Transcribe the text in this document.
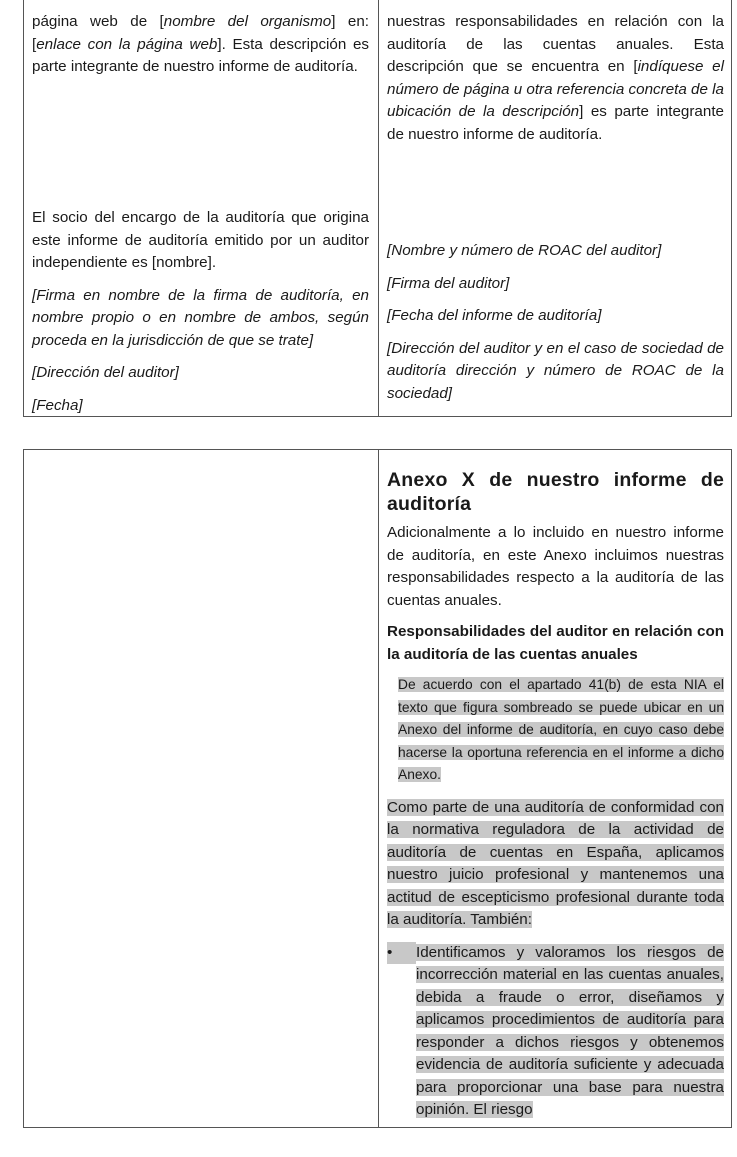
página web de [nombre del organismo] en: [enlace con la página web]. Esta descripción es parte integrante de nuestro informe de auditoría.

nuestras responsabilidades en relación con la auditoría de las cuentas anuales. Esta descripción que se encuentra en [indíquese el número de página u otra referencia concreta de la ubicación de la descripción] es parte integrante de nuestro informe de auditoría.

El socio del encargo de la auditoría que origina este informe de auditoría emitido por un auditor independiente es [nombre].

[Firma en nombre de la firma de auditoría, en nombre propio o en nombre de ambos, según proceda en la jurisdicción de que se trate]

[Dirección del auditor]

[Fecha]

[Nombre y número de ROAC del auditor]

[Firma del auditor]

[Fecha del informe de auditoría]

[Dirección del auditor y en el caso de sociedad de auditoría dirección y número de ROAC de la sociedad]

Anexo X de nuestro informe de auditoría

Adicionalmente a lo incluido en nuestro informe de auditoría, en este Anexo incluimos nuestras responsabilidades respecto a la auditoría de las cuentas anuales.

Responsabilidades del auditor en relación con la auditoría de las cuentas anuales

De acuerdo con el apartado 41(b) de esta NIA el texto que figura sombreado se puede ubicar en un Anexo del informe de auditoría, en cuyo caso debe hacerse la oportuna referencia en el informe a dicho Anexo.

Como parte de una auditoría de conformidad con la normativa reguladora de la actividad de auditoría de cuentas en España, aplicamos nuestro juicio profesional y mantenemos una actitud de escepticismo profesional durante toda la auditoría. También:

•	Identificamos y valoramos los riesgos de incorrección material en las cuentas anuales, debida a fraude o error, diseñamos y aplicamos procedimientos de auditoría para responder a dichos riesgos y obtenemos evidencia de auditoría suficiente y adecuada para proporcionar una base para nuestra opinión. El riesgo
